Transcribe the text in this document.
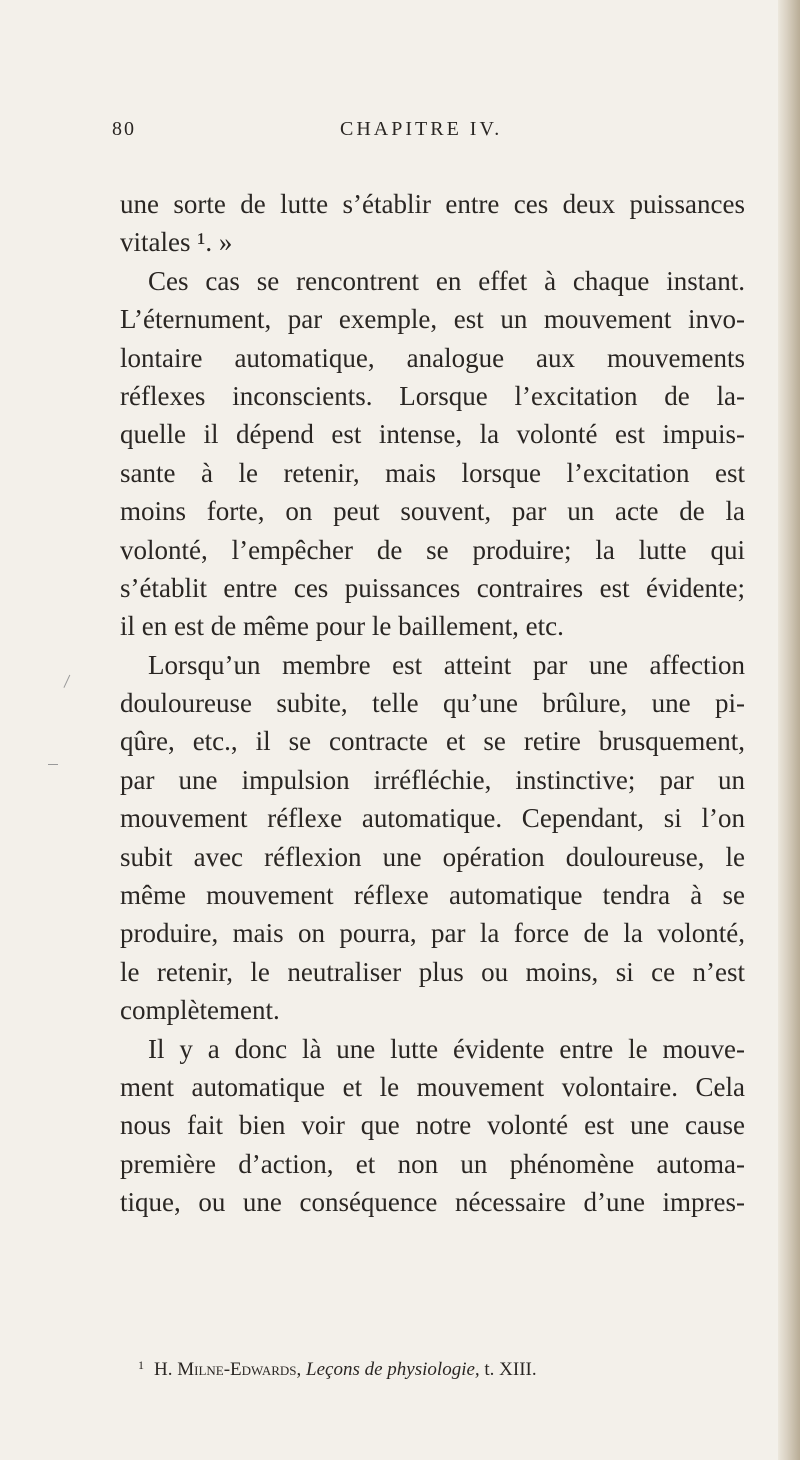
80	CHAPITRE IV.
une sorte de lutte s’établir entre ces deux puissances
vitales ¹. »
Ces cas se rencontrent en effet à chaque instant.
L’éternument, par exemple, est un mouvement invo-
lontaire automatique, analogue aux mouvements
réflexes inconscients. Lorsque l’excitation de la-
quelle il dépend est intense, la volonté est impuis-
sante à le retenir, mais lorsque l’excitation est
moins forte, on peut souvent, par un acte de la
volonté, l’empêcher de se produire; la lutte qui
s’établit entre ces puissances contraires est évidente;
il en est de même pour le baillement, etc.
Lorsqu’un membre est atteint par une affection
douloureuse subite, telle qu’une brûlure, une pi-
qûre, etc., il se contracte et se retire brusquement,
par une impulsion irréfléchie, instinctive; par un
mouvement réflexe automatique. Cependant, si l’on
subit avec réflexion une opération douloureuse, le
même mouvement réflexe automatique tendra à se
produire, mais on pourra, par la force de la volonté,
le retenir, le neutraliser plus ou moins, si ce n’est
complètement.
Il y a donc là une lutte évidente entre le mouve-
ment automatique et le mouvement volontaire. Cela
nous fait bien voir que notre volonté est une cause
première d’action, et non un phénomène automa-
tique, ou une conséquence nécessaire d’une impres-
$^1$ H. Milne-Edwards, Leçons de physiologie, t. XIII.
